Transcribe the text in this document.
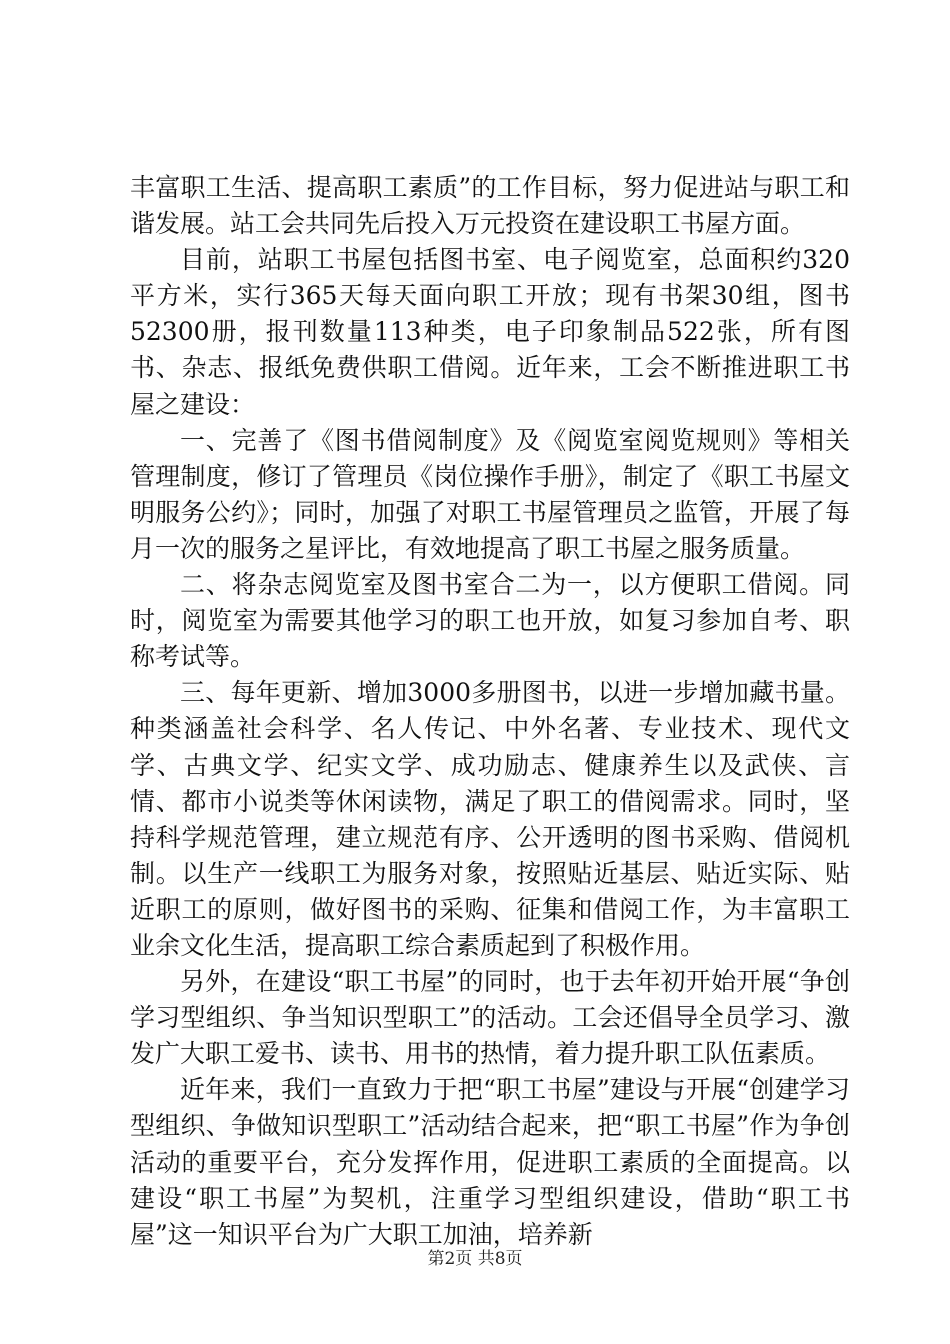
丰富职工生活、提高职工素质”的工作目标，努力促进站与职工和谐发展。站工会共同先后投入万元投资在建设职工书屋方面。

目前，站职工书屋包括图书室、电子阅览室，总面积约320平方米，实行365天每天面向职工开放；现有书架30组，图书52300册，报刊数量113种类，电子印象制品522张，所有图书、杂志、报纸免费供职工借阅。近年来，工会不断推进职工书屋之建设：

一、完善了《图书借阅制度》及《阅览室阅览规则》等相关管理制度，修订了管理员《岗位操作手册》，制定了《职工书屋文明服务公约》；同时，加强了对职工书屋管理员之监管，开展了每月一次的服务之星评比，有效地提高了职工书屋之服务质量。

二、将杂志阅览室及图书室合二为一，以方便职工借阅。同时，阅览室为需要其他学习的职工也开放，如复习参加自考、职称考试等。

三、每年更新、增加3000多册图书，以进一步增加藏书量。种类涵盖社会科学、名人传记、中外名著、专业技术、现代文学、古典文学、纪实文学、成功励志、健康养生以及武侠、言情、都市小说类等休闲读物，满足了职工的借阅需求。同时，坚持科学规范管理，建立规范有序、公开透明的图书采购、借阅机制。以生产一线职工为服务对象，按照贴近基层、贴近实际、贴近职工的原则，做好图书的采购、征集和借阅工作，为丰富职工业余文化生活，提高职工综合素质起到了积极作用。

另外，在建设“职工书屋”的同时，也于去年初开始开展“争创学习型组织、争当知识型职工”的活动。工会还倡导全员学习、激发广大职工爱书、读书、用书的热情，着力提升职工队伍素质。

近年来，我们一直致力于把“职工书屋”建设与开展“创建学习型组织、争做知识型职工”活动结合起来，把“职工书屋”作为争创活动的重要平台，充分发挥作用，促进职工素质的全面提高。以建设“职工书屋”为契机，注重学习型组织建设，借助“职工书屋”这一知识平台为广大职工加油，培养新

第2页 共8页
